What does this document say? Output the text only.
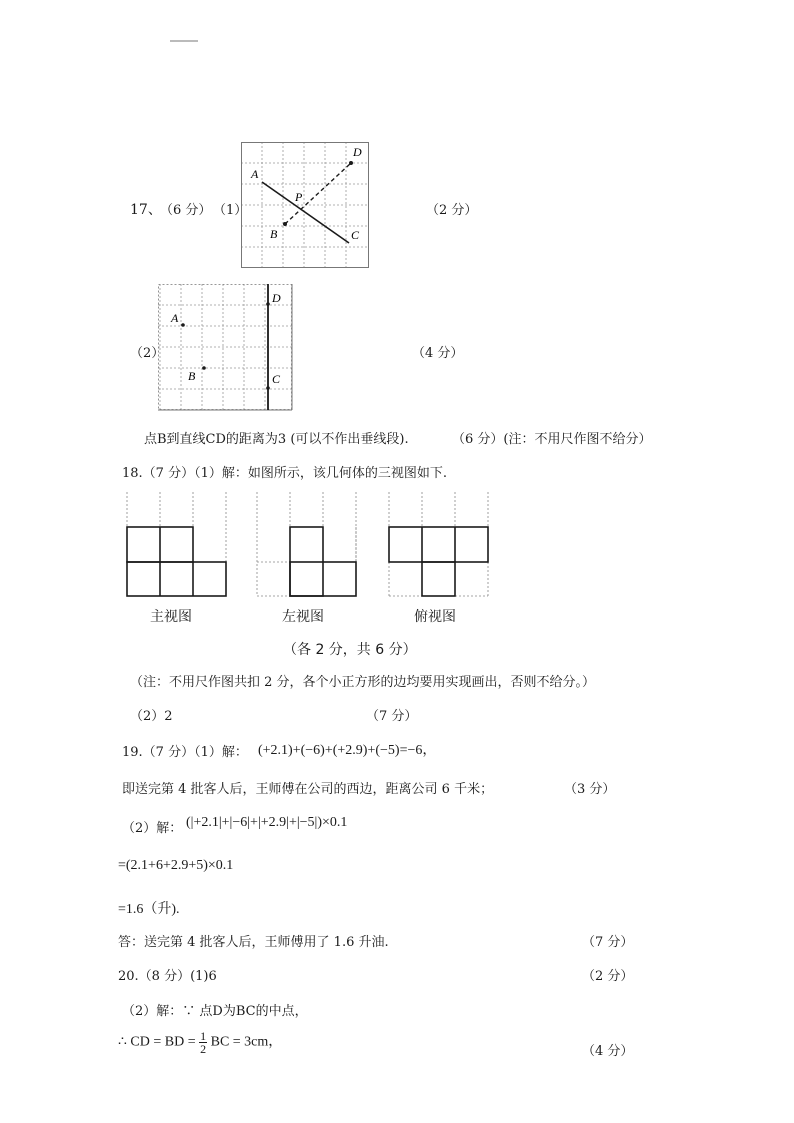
17、
（6 分） （1）
A
D
P
B	C
（2 分）
（2）
A
B
D
C
（4 分）
点B到直线CD的距离为3 (可以不作出垂线段).	（6 分）(注：不用尺作图不给分）
18.（7 分）（1）解：如图所示，该几何体的三视图如下.
主视图	左视图	俯视图
（各 2 分，共 6 分）
（注：不用尺作图共扣 2 分，各个小正方形的边均要用实现画出，否则不给分。）
（2）2	（7 分）
19.（7 分）（1）解： (+2.1)+(−6)+(+2.9)+(−5)=−6，
即送完第 4 批客人后，王师傅在公司的西边，距离公司 6 千米；	（3 分）
（2）解： (|+2.1|+|−6|+|+2.9|+|−5|)×0.1
=(2.1+6+2.9+5)×0.1
=1.6（升).
答：送完第 4 批客人后，王师傅用了 1.6 升油.	（7 分）
20.（8 分）(1)6	（2 分）
（2）解：∵ 点D为BC的中点，
∴ CD = BD = $\frac{1}{2}$ BC = 3cm，
（4 分）
